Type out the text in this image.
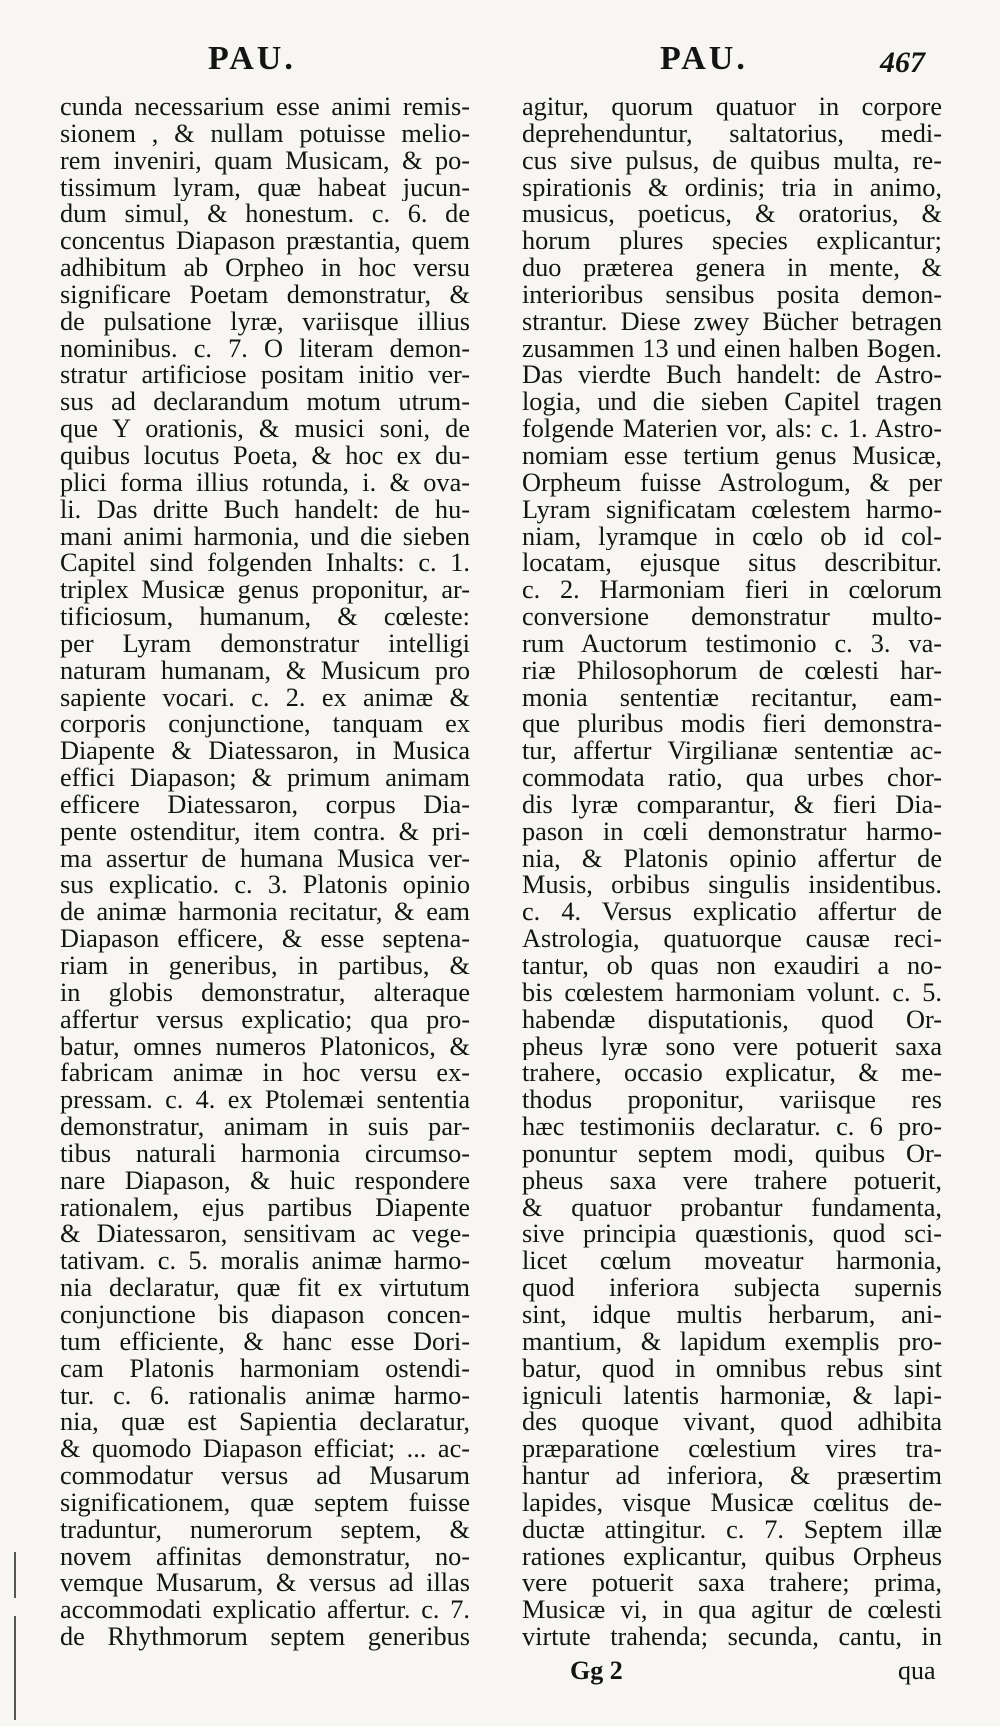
PAU.	PAU.	467
cunda necessarium esse animi remis-
sionem , & nullam potuisse melio-
rem inveniri, quam Musicam, & po-
tissimum lyram, quæ habeat jucun-
dum simul, & honestum. c. 6. de
concentus Diapason præstantia, quem
adhibitum ab Orpheo in hoc versu
significare Poetam demonstratur, &
de pulsatione lyræ, variisque illius
nominibus. c. 7. O literam demon-
stratur artificiose positam initio ver-
sus ad declarandum motum utrum-
que Y orationis, & musici soni, de
quibus locutus Poeta, & hoc ex du-
plici forma illius rotunda, i. & ova-
li. Das dritte Buch handelt: de hu-
mani animi harmonia, und die sieben
Capitel sind folgenden Inhalts: c. 1.
triplex Musicæ genus proponitur, ar-
tificiosum, humanum, & cœleste:
per Lyram demonstratur intelligi
naturam humanam, & Musicum pro
sapiente vocari. c. 2. ex animæ &
corporis conjunctione, tanquam ex
Diapente & Diatessaron, in Musica
effici Diapason; & primum animam
efficere Diatessaron, corpus Dia-
pente ostenditur, item contra. & pri-
ma assertur de humana Musica ver-
sus explicatio. c. 3. Platonis opinio
de animæ harmonia recitatur, & eam
Diapason efficere, & esse septena-
riam in generibus, in partibus, &
in globis demonstratur, alteraque
affertur versus explicatio; qua pro-
batur, omnes numeros Platonicos, &
fabricam animæ in hoc versu ex-
pressam. c. 4. ex Ptolemæi sententia
demonstratur, animam in suis par-
tibus naturali harmonia circumso-
nare Diapason, & huic respondere
rationalem, ejus partibus Diapente
& Diatessaron, sensitivam ac vege-
tativam. c. 5. moralis animæ harmo-
nia declaratur, quæ fit ex virtutum
conjunctione bis diapason concen-
tum efficiente, & hanc esse Dori-
cam Platonis harmoniam ostendi-
tur. c. 6. rationalis animæ harmo-
nia, quæ est Sapientia declaratur,
& quomodo Diapason efficiat; ... ac-
commodatur versus ad Musarum
significationem, quæ septem fuisse
traduntur, numerorum septem, &
novem affinitas demonstratur, no-
vemque Musarum, & versus ad illas
accommodati explicatio affertur. c. 7.
de Rhythmorum septem generibus
agitur, quorum quatuor in corpore
deprehenduntur, saltatorius, medi-
cus sive pulsus, de quibus multa, re-
spirationis & ordinis; tria in animo,
musicus, poeticus, & oratorius, &
horum plures species explicantur;
duo præterea genera in mente, &
interioribus sensibus posita demon-
strantur. Diese zwey Bücher betragen
zusammen 13 und einen halben Bogen.
Das vierdte Buch handelt: de Astro-
logia, und die sieben Capitel tragen
folgende Materien vor, als: c. 1. Astro-
nomiam esse tertium genus Musicæ,
Orpheum fuisse Astrologum, & per
Lyram significatam cœlestem harmo-
niam, lyramque in cœlo ob id col-
locatam, ejusque situs describitur.
c. 2. Harmoniam fieri in cœlorum
conversione demonstratur multo-
rum Auctorum testimonio c. 3. va-
riæ Philosophorum de cœlesti har-
monia sententiæ recitantur, eam-
que pluribus modis fieri demonstra-
tur, affertur Virgilianæ sententiæ ac-
commodata ratio, qua urbes chor-
dis lyræ comparantur, & fieri Dia-
pason in cœli demonstratur harmo-
nia, & Platonis opinio affertur de
Musis, orbibus singulis insidentibus.
c. 4. Versus explicatio affertur de
Astrologia, quatuorque causæ reci-
tantur, ob quas non exaudiri a no-
bis cœlestem harmoniam volunt. c. 5.
habendæ disputationis, quod Or-
pheus lyræ sono vere potuerit saxa
trahere, occasio explicatur, & me-
thodus proponitur, variisque res
hæc testimoniis declaratur. c. 6 pro-
ponuntur septem modi, quibus Or-
pheus saxa vere trahere potuerit,
& quatuor probantur fundamenta,
sive principia quæstionis, quod sci-
licet cœlum moveatur harmonia,
quod inferiora subjecta supernis
sint, idque multis herbarum, ani-
mantium, & lapidum exemplis pro-
batur, quod in omnibus rebus sint
igniculi latentis harmoniæ, & lapi-
des quoque vivant, quod adhibita
præparatione cœlestium vires tra-
hantur ad inferiora, & præsertim
lapides, visque Musicæ cœlitus de-
ductæ attingitur. c. 7. Septem illæ
rationes explicantur, quibus Orpheus
vere potuerit saxa trahere; prima,
Musicæ vi, in qua agitur de cœlesti
virtute trahenda; secunda, cantu, in
Gg 2	qua
